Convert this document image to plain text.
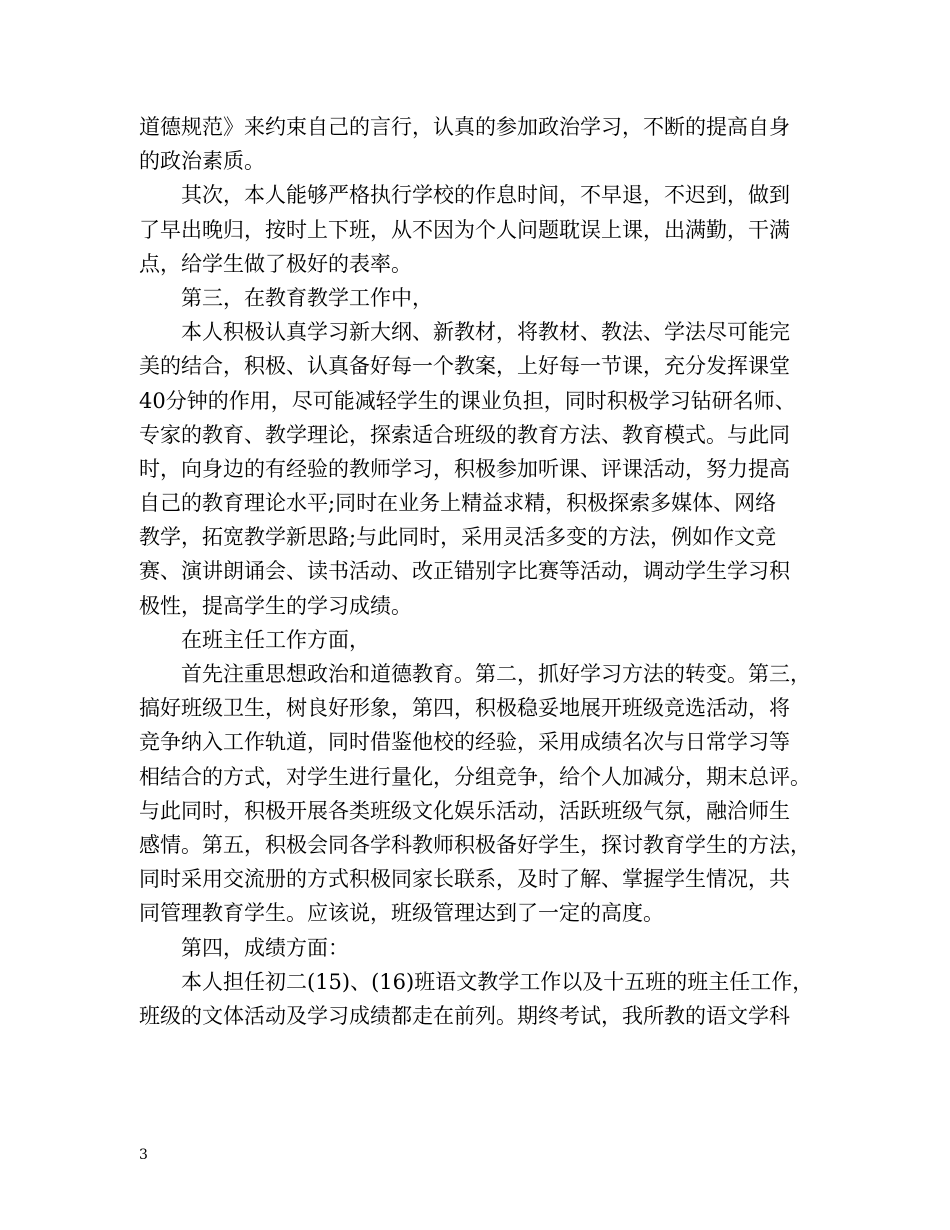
道德规范》来约束自己的言行，认真的参加政治学习，不断的提高自身
的政治素质。
其次，本人能够严格执行学校的作息时间，不早退，不迟到，做到
了早出晚归，按时上下班，从不因为个人问题耽误上课，出满勤，干满
点，给学生做了极好的表率。
第三，在教育教学工作中，
本人积极认真学习新大纲、新教材，将教材、教法、学法尽可能完
美的结合，积极、认真备好每一个教案，上好每一节课，充分发挥课堂
40分钟的作用，尽可能减轻学生的课业负担，同时积极学习钻研名师、
专家的教育、教学理论，探索适合班级的教育方法、教育模式。与此同
时，向身边的有经验的教师学习，积极参加听课、评课活动，努力提高
自己的教育理论水平;同时在业务上精益求精，积极探索多媒体、网络
教学，拓宽教学新思路;与此同时，采用灵活多变的方法，例如作文竞
赛、演讲朗诵会、读书活动、改正错别字比赛等活动，调动学生学习积
极性，提高学生的学习成绩。
在班主任工作方面，
首先注重思想政治和道德教育。第二，抓好学习方法的转变。第三，
搞好班级卫生，树良好形象，第四，积极稳妥地展开班级竞选活动，将
竞争纳入工作轨道，同时借鉴他校的经验，采用成绩名次与日常学习等
相结合的方式，对学生进行量化，分组竞争，给个人加减分，期末总评。
与此同时，积极开展各类班级文化娱乐活动，活跃班级气氛，融洽师生
感情。第五，积极会同各学科教师积极备好学生，探讨教育学生的方法，
同时采用交流册的方式积极同家长联系，及时了解、掌握学生情况，共
同管理教育学生。应该说，班级管理达到了一定的高度。
第四，成绩方面：
本人担任初二(15)、(16)班语文教学工作以及十五班的班主任工作，
班级的文体活动及学习成绩都走在前列。期终考试，我所教的语文学科
3
